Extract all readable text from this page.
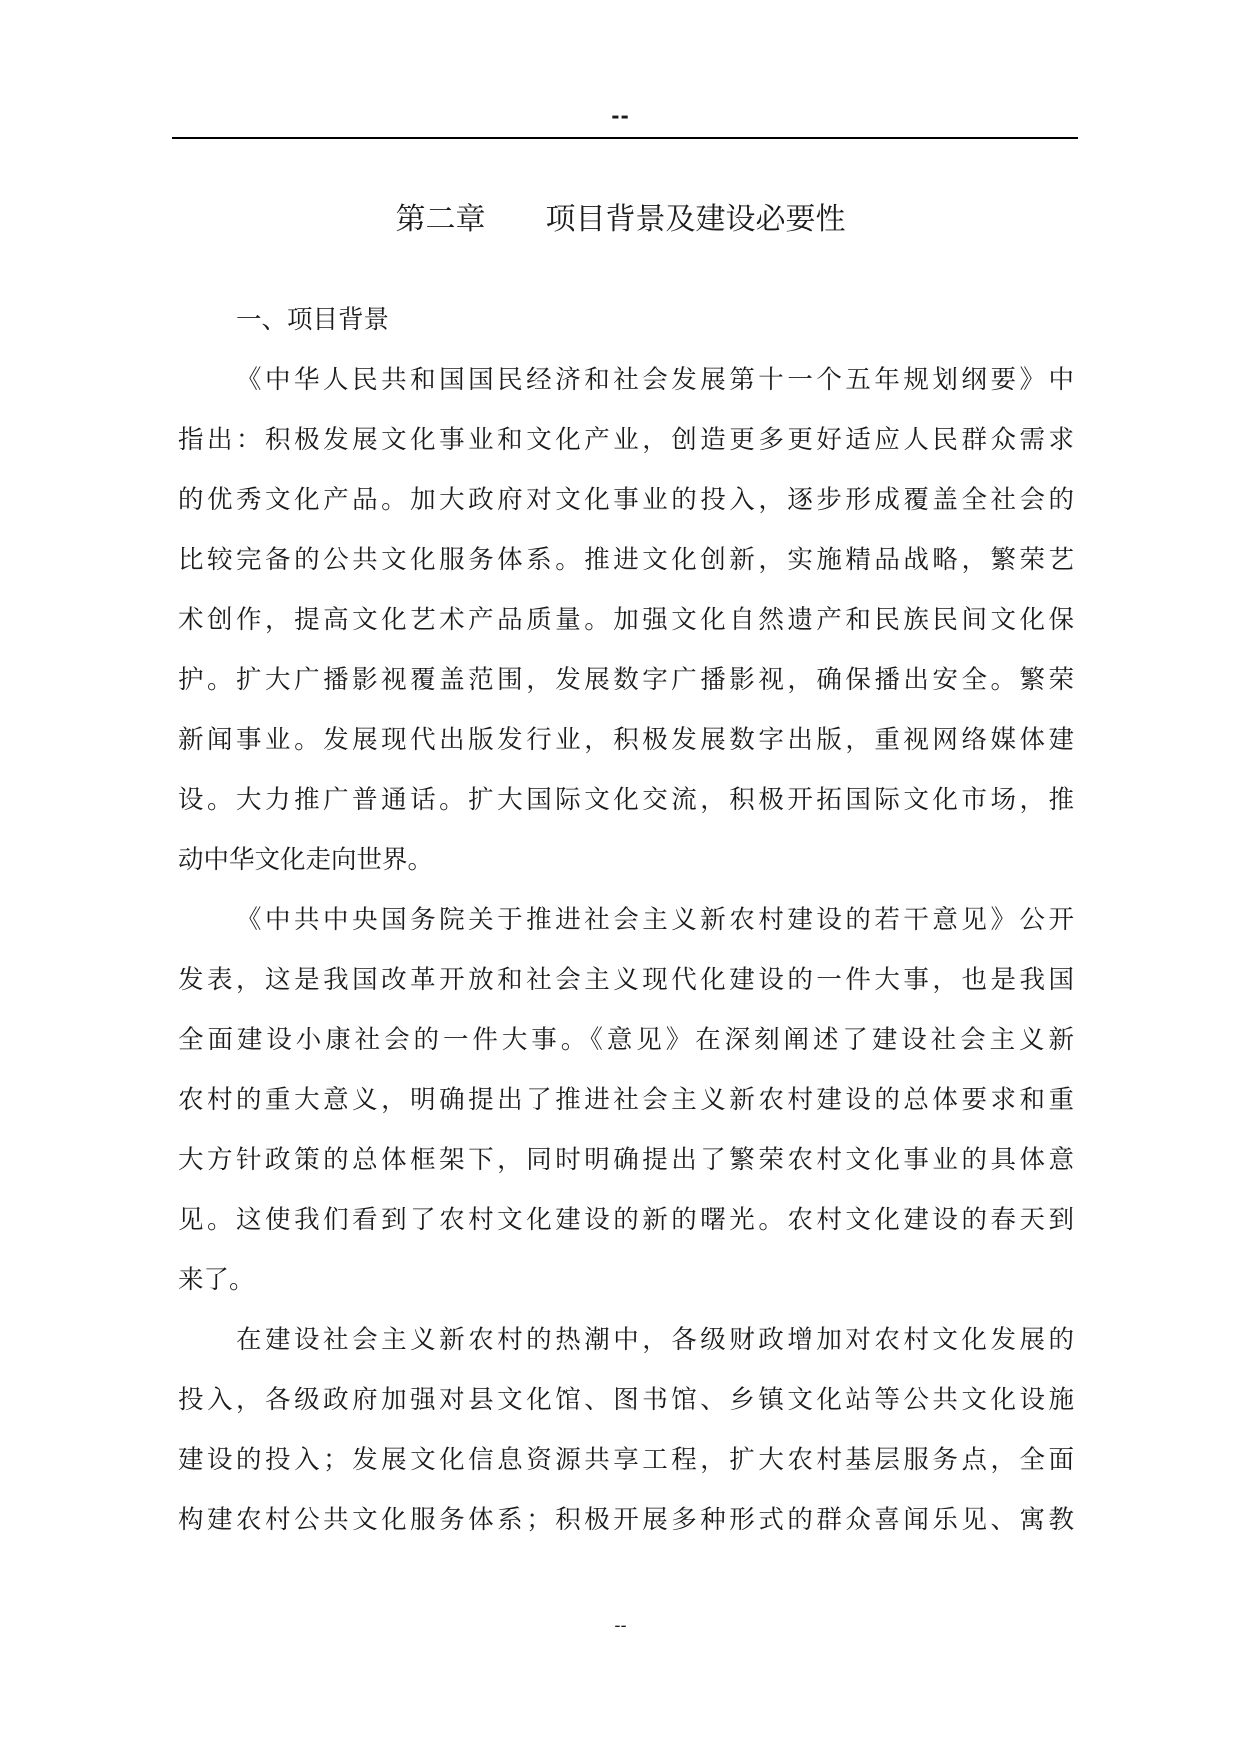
--
第二章　　项目背景及建设必要性
一、项目背景

《中华人民共和国国民经济和社会发展第十一个五年规划纲要》中
指出：积极发展文化事业和文化产业，创造更多更好适应人民群众需求
的优秀文化产品。加大政府对文化事业的投入，逐步形成覆盖全社会的
比较完备的公共文化服务体系。推进文化创新，实施精品战略，繁荣艺
术创作，提高文化艺术产品质量。加强文化自然遗产和民族民间文化保
护。扩大广播影视覆盖范围，发展数字广播影视，确保播出安全。繁荣
新闻事业。发展现代出版发行业，积极发展数字出版，重视网络媒体建
设。大力推广普通话。扩大国际文化交流，积极开拓国际文化市场，推
动中华文化走向世界。

《中共中央国务院关于推进社会主义新农村建设的若干意见》公开
发表，这是我国改革开放和社会主义现代化建设的一件大事，也是我国
全面建设小康社会的一件大事。《意见》在深刻阐述了建设社会主义新
农村的重大意义，明确提出了推进社会主义新农村建设的总体要求和重
大方针政策的总体框架下，同时明确提出了繁荣农村文化事业的具体意
见。这使我们看到了农村文化建设的新的曙光。农村文化建设的春天到
来了。

在建设社会主义新农村的热潮中，各级财政增加对农村文化发展的
投入，各级政府加强对县文化馆、图书馆、乡镇文化站等公共文化设施
建设的投入；发展文化信息资源共享工程，扩大农村基层服务点，全面
构建农村公共文化服务体系；积极开展多种形式的群众喜闻乐见、寓教

--
